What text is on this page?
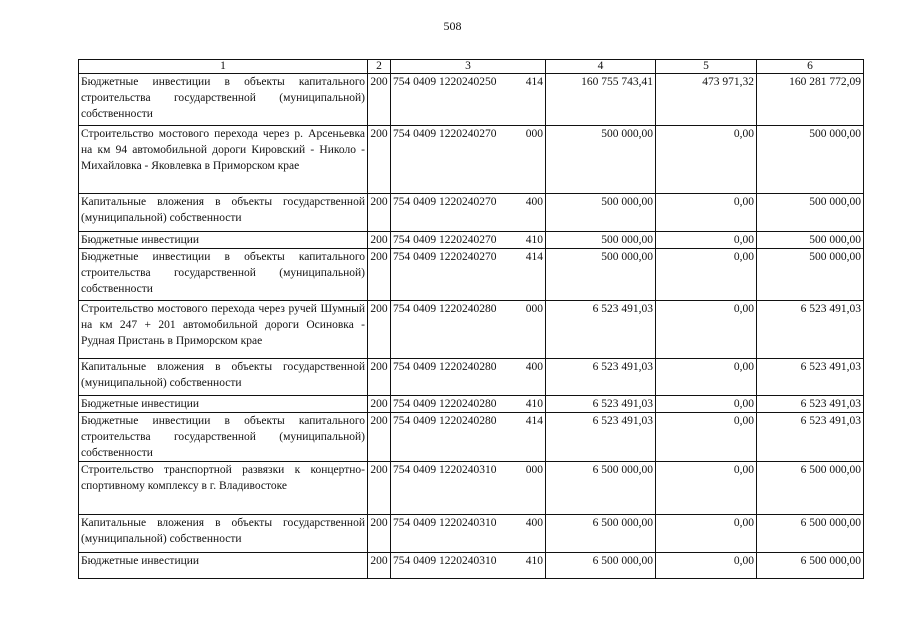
508
1	2	3	4	5	6
Бюджетные инвестиции в объекты капитального строительства государственной (муниципальной) собственности	200	754 0409 1220240250 414	160 755 743,41	473 971,32	160 281 772,09
Строительство мостового перехода через р. Арсеньевка на км 94 автомобильной дороги Кировский - Николо - Михайловка - Яковлевка в Приморском крае	200	754 0409 1220240270 000	500 000,00	0,00	500 000,00
Капитальные вложения в объекты государственной (муниципальной) собственности	200	754 0409 1220240270 400	500 000,00	0,00	500 000,00
Бюджетные инвестиции	200	754 0409 1220240270 410	500 000,00	0,00	500 000,00
Бюджетные инвестиции в объекты капитального строительства государственной (муниципальной) собственности	200	754 0409 1220240270 414	500 000,00	0,00	500 000,00
Строительство мостового перехода через ручей Шумный на км 247 + 201 автомобильной дороги Осиновка - Рудная Пристань в Приморском крае	200	754 0409 1220240280 000	6 523 491,03	0,00	6 523 491,03
Капитальные вложения в объекты государственной (муниципальной) собственности	200	754 0409 1220240280 400	6 523 491,03	0,00	6 523 491,03
Бюджетные инвестиции	200	754 0409 1220240280 410	6 523 491,03	0,00	6 523 491,03
Бюджетные инвестиции в объекты капитального строительства государственной (муниципальной) собственности	200	754 0409 1220240280 414	6 523 491,03	0,00	6 523 491,03
Строительство транспортной развязки к концертно-спортивному комплексу в г. Владивостоке	200	754 0409 1220240310 000	6 500 000,00	0,00	6 500 000,00
Капитальные вложения в объекты государственной (муниципальной) собственности	200	754 0409 1220240310 400	6 500 000,00	0,00	6 500 000,00
Бюджетные инвестиции	200	754 0409 1220240310 410	6 500 000,00	0,00	6 500 000,00
